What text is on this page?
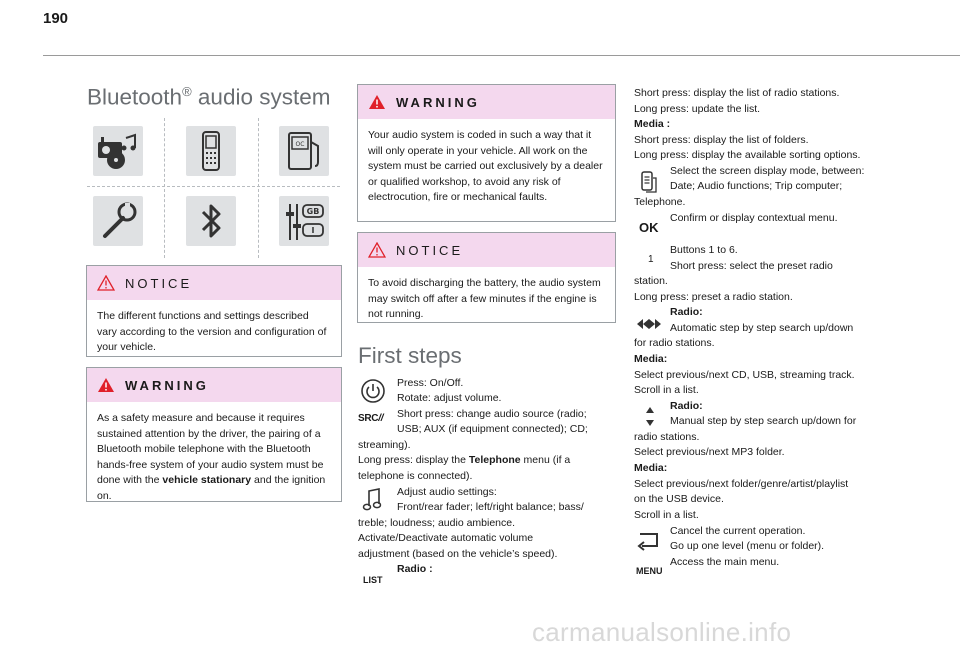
190
Bluetooth® audio system
OC
GB
I
NOTICE
The different functions and settings described vary according to the version and configuration of your vehicle.
WARNING
As a safety measure and because it requires sustained attention by the driver, the pairing of a Bluetooth mobile telephone with the Bluetooth hands-free system of your audio system must be done with the vehicle stationary and the ignition on.
WARNING
Your audio system is coded in such a way that it will only operate in your vehicle. All work on the system must be carried out exclusively by a dealer or qualified workshop, to avoid any risk of electrocution, fire or mechanical faults.
NOTICE
To avoid discharging the battery, the audio system may switch off after a few minutes if the engine is not running.
First steps
SRC//
LIST
Press: On/Off.
Rotate: adjust volume.
Short press: change audio source (radio;
USB; AUX (if equipment connected); CD;
streaming).
Long press: display the Telephone menu (if a
telephone is connected).
Adjust audio settings:
Front/rear fader; left/right balance; bass/
treble; loudness; audio ambience.
Activate/Deactivate automatic volume
adjustment (based on the vehicle’s speed).
Radio :
OK
1
MENU
Short press: display the list of radio stations.
Long press: update the list.
Media :
Short press: display the list of folders.
Long press: display the available sorting options.
Select the screen display mode, between:
Date; Audio functions; Trip computer;
Telephone.
Confirm or display contextual menu.
Buttons 1 to 6.
Short press: select the preset radio
station.
Long press: preset a radio station.
Radio:
Automatic step by step search up/down
for radio stations.
Media:
Select previous/next CD, USB, streaming track.
Scroll in a list.
Radio:
Manual step by step search up/down for
radio stations.
Select previous/next MP3 folder.
Media:
Select previous/next folder/genre/artist/playlist
on the USB device.
Scroll in a list.
Cancel the current operation.
Go up one level (menu or folder).
Access the main menu.
carmanualsonline.info
